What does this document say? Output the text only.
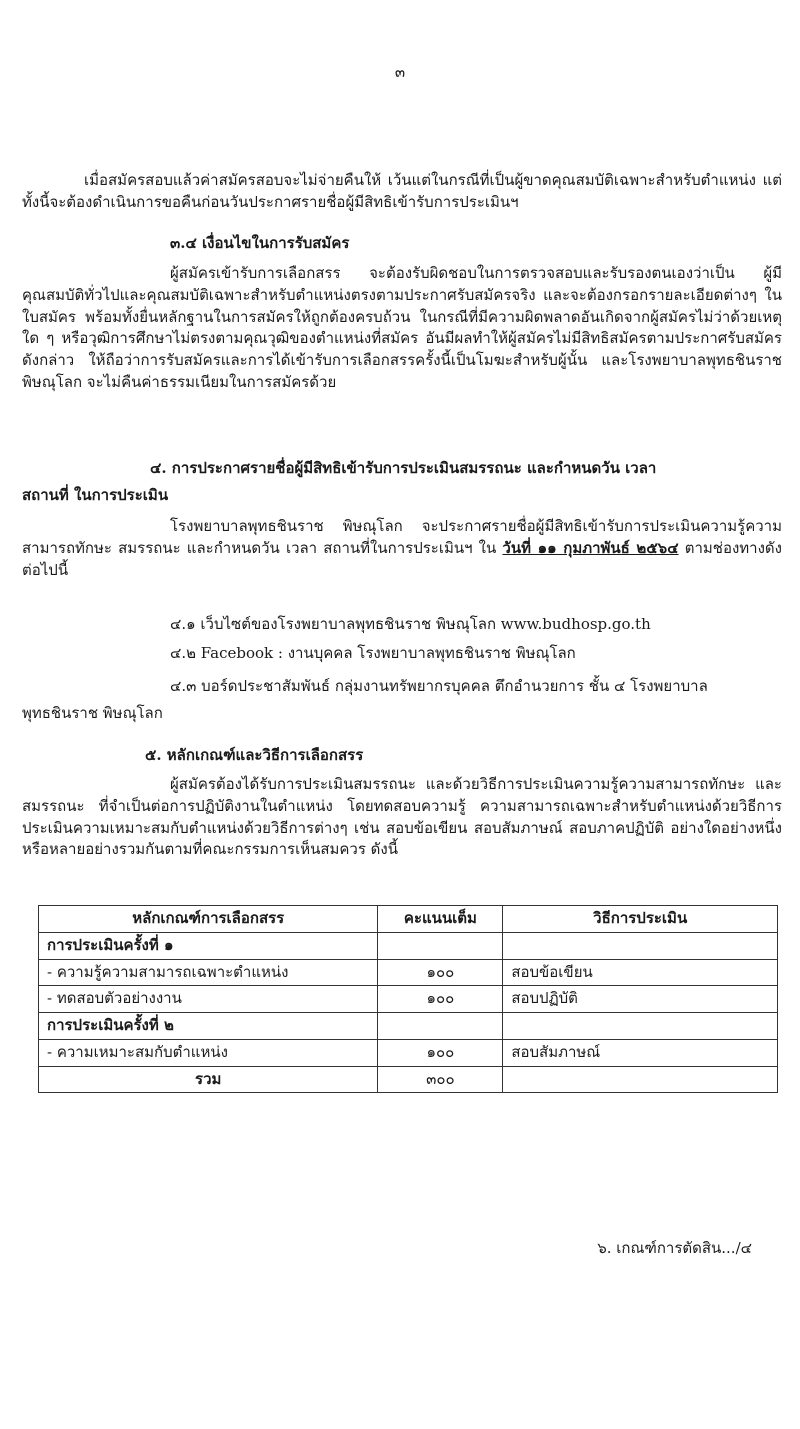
๓

เมื่อสมัครสอบแล้วค่าสมัครสอบจะไม่จ่ายคืนให้ เว้นแต่ในกรณีที่เป็นผู้ขาดคุณสมบัติเฉพาะสำหรับตำแหน่ง แต่ทั้งนี้จะต้องดำเนินการขอคืนก่อนวันประกาศรายชื่อผู้มีสิทธิเข้ารับการประเมินฯ

๓.๔ เงื่อนไขในการรับสมัคร

ผู้สมัครเข้ารับการเลือกสรร จะต้องรับผิดชอบในการตรวจสอบและรับรองตนเองว่าเป็น ผู้มีคุณสมบัติทั่วไปและคุณสมบัติเฉพาะสำหรับตำแหน่งตรงตามประกาศรับสมัครจริง และจะต้องกรอกรายละเอียดต่างๆ ในใบสมัคร พร้อมทั้งยื่นหลักฐานในการสมัครให้ถูกต้องครบถ้วน ในกรณีที่มีความผิดพลาดอันเกิดจากผู้สมัครไม่ว่าด้วยเหตุใด ๆ หรือวุฒิการศึกษาไม่ตรงตามคุณวุฒิของตำแหน่งที่สมัคร อันมีผลทำให้ผู้สมัครไม่มีสิทธิสมัครตามประกาศรับสมัครดังกล่าว ให้ถือว่าการรับสมัครและการได้เข้ารับการเลือกสรรครั้งนี้เป็นโมฆะสำหรับผู้นั้น และโรงพยาบาลพุทธชินราช พิษณุโลก จะไม่คืนค่าธรรมเนียมในการสมัครด้วย

๔. การประกาศรายชื่อผู้มีสิทธิเข้ารับการประเมินสมรรถนะ และกำหนดวัน เวลา

สถานที่ ในการประเมิน

โรงพยาบาลพุทธชินราช พิษณุโลก จะประกาศรายชื่อผู้มีสิทธิเข้ารับการประเมินความรู้ความสามารถทักษะ สมรรถนะ และกำหนดวัน เวลา สถานที่ในการประเมินฯ ใน วันที่ ๑๑ กุมภาพันธ์ ๒๕๖๔ ตามช่องทางดังต่อไปนี้

๔.๑ เว็บไซต์ของโรงพยาบาลพุทธชินราช พิษณุโลก www.budhosp.go.th

๔.๒ Facebook : งานบุคคล โรงพยาบาลพุทธชินราช พิษณุโลก

๔.๓ บอร์ดประชาสัมพันธ์ กลุ่มงานทรัพยากรบุคคล ตึกอำนวยการ ชั้น ๔ โรงพยาบาล

พุทธชินราช พิษณุโลก

๕. หลักเกณฑ์และวิธีการเลือกสรร

ผู้สมัครต้องได้รับการประเมินสมรรถนะ และด้วยวิธีการประเมินความรู้ความสามารถทักษะ และสมรรถนะ ที่จำเป็นต่อการปฏิบัติงานในตำแหน่ง โดยทดสอบความรู้ ความสามารถเฉพาะสำหรับตำแหน่งด้วยวิธีการประเมินความเหมาะสมกับตำแหน่งด้วยวิธีการต่างๆ เช่น สอบข้อเขียน สอบสัมภาษณ์ สอบภาคปฏิบัติ อย่างใดอย่างหนึ่ง หรือหลายอย่างรวมกันตามที่คณะกรรมการเห็นสมควร ดังนี้

หลักเกณฑ์การเลือกสรร	คะแนนเต็ม	วิธีการประเมิน
การประเมินครั้งที่ ๑		
- ความรู้ความสามารถเฉพาะตำแหน่ง	๑๐๐	สอบข้อเขียน
- ทดสอบตัวอย่างงาน	๑๐๐	สอบปฏิบัติ
การประเมินครั้งที่ ๒		
- ความเหมาะสมกับตำแหน่ง	๑๐๐	สอบสัมภาษณ์
รวม	๓๐๐	
๖. เกณฑ์การตัดสิน.../๔
